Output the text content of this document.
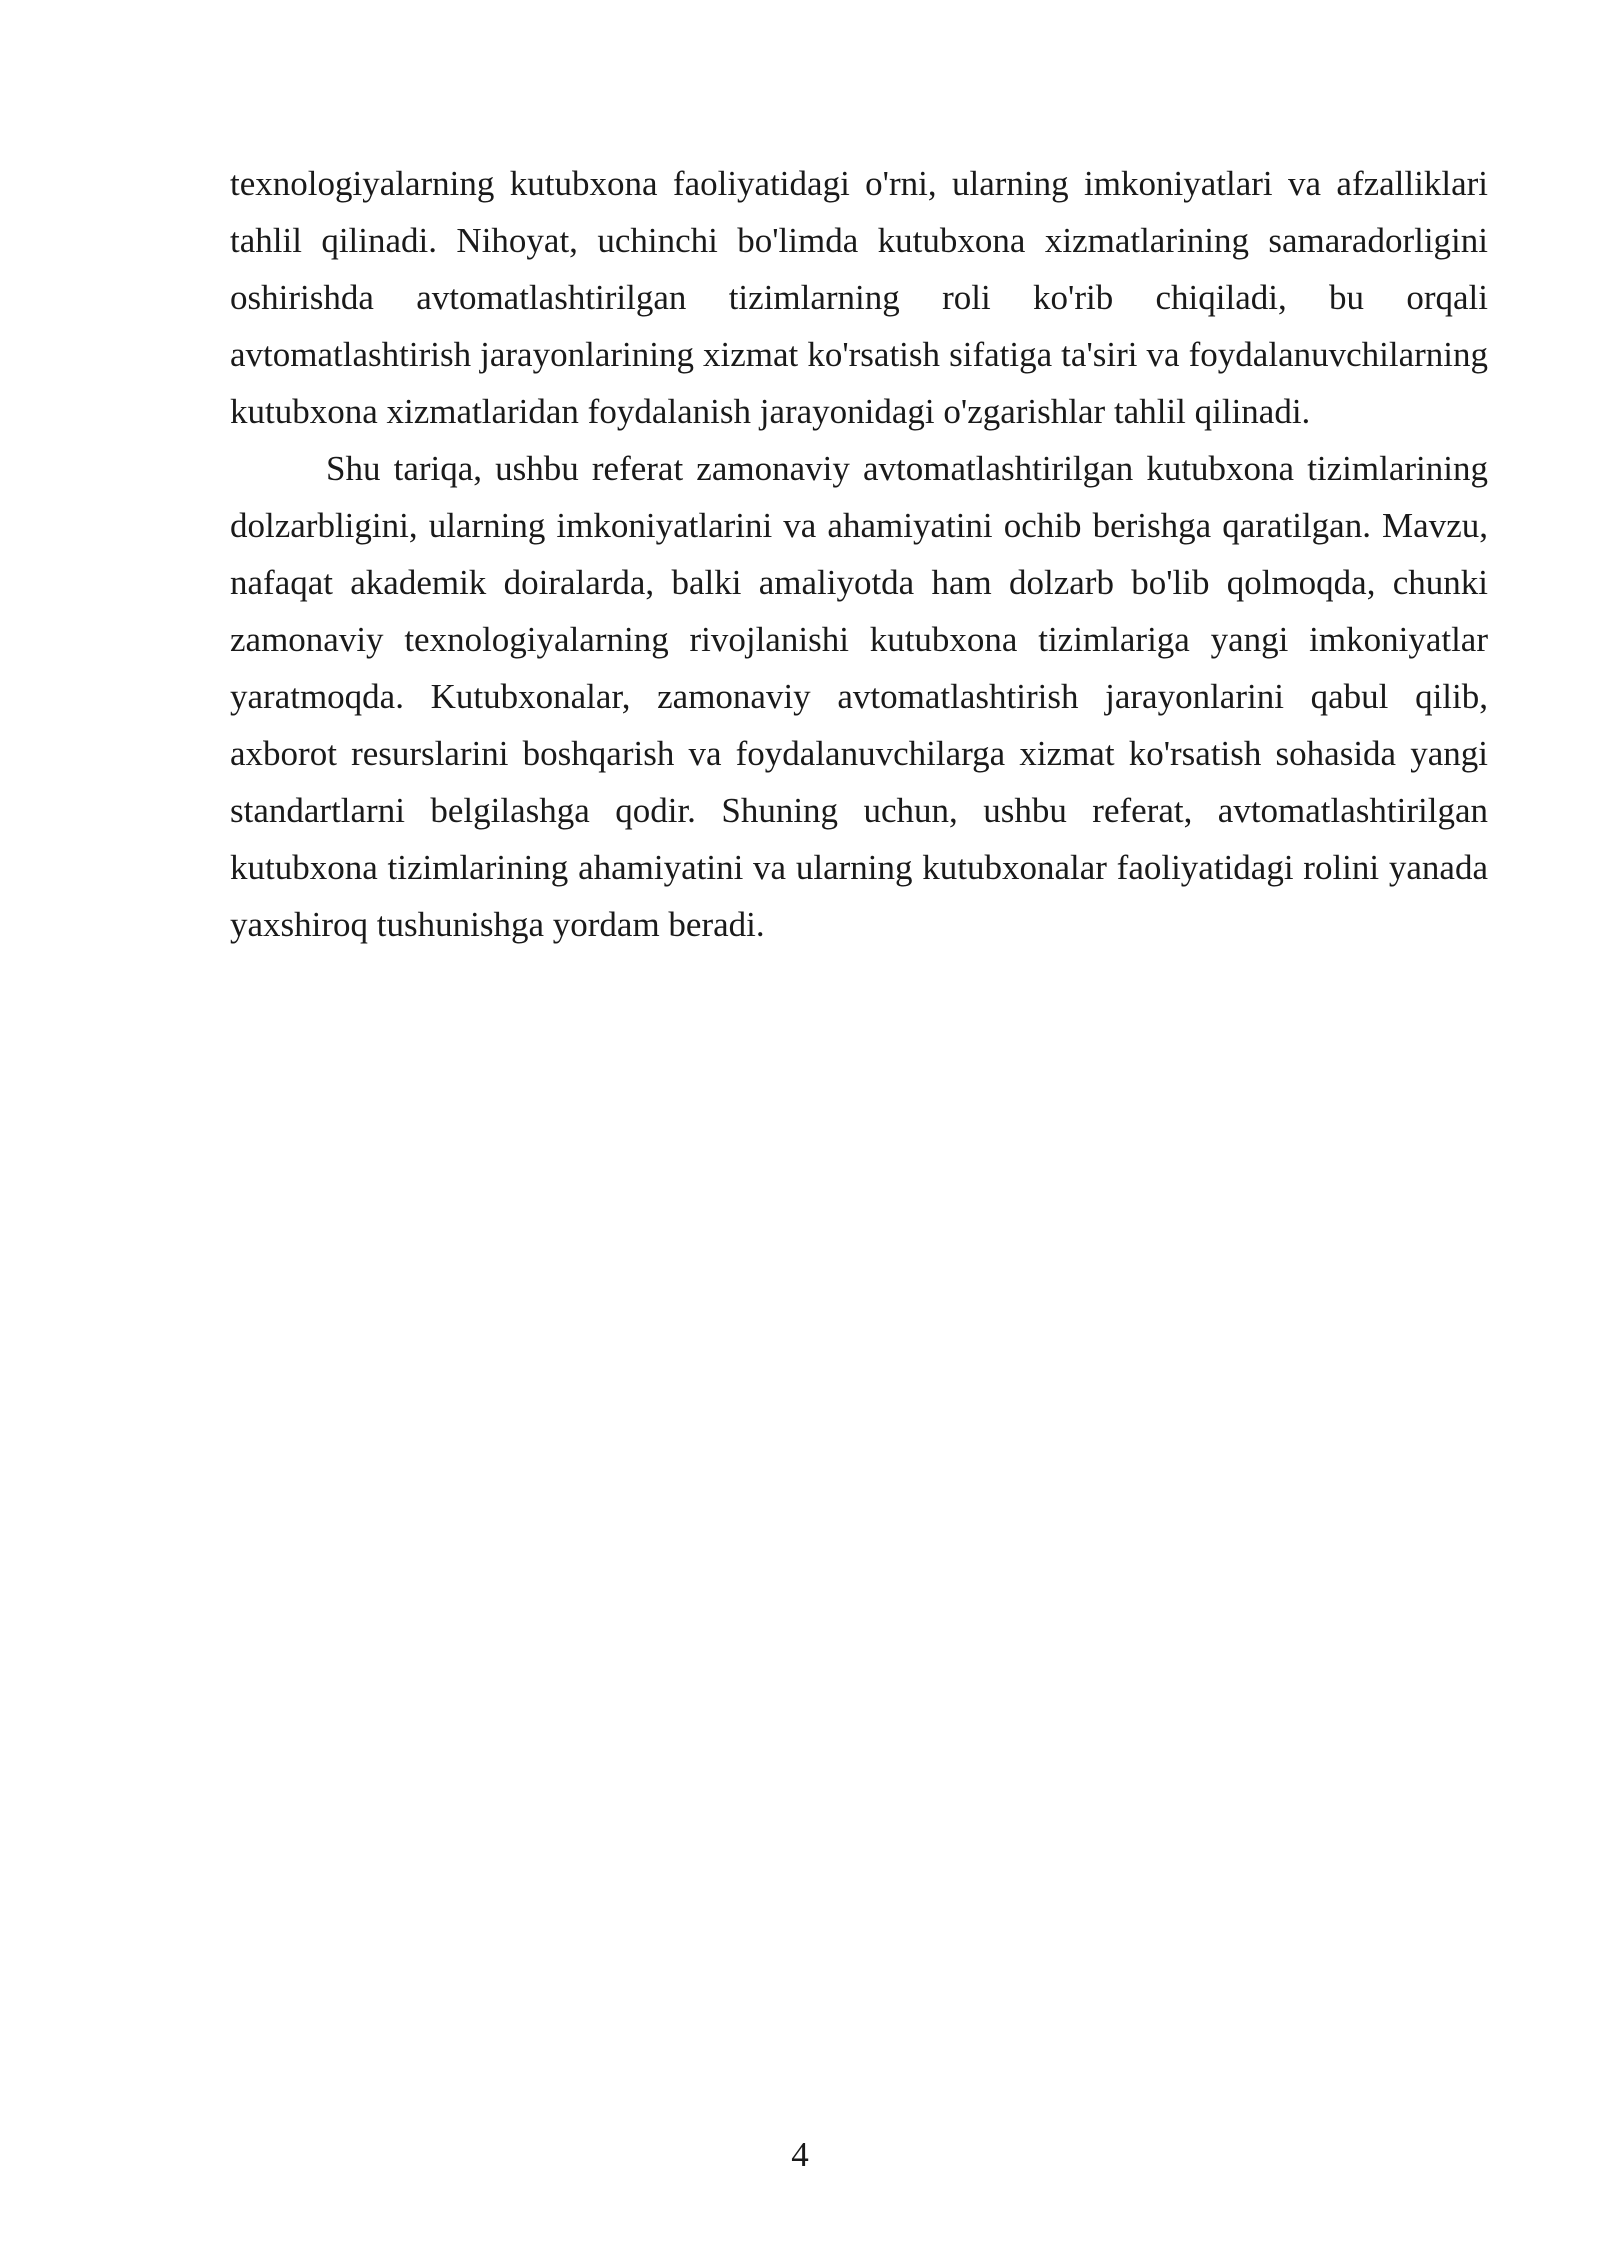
texnologiyalarning kutubxona faoliyatidagi o'rni, ularning imkoniyatlari va afzalliklari tahlil qilinadi. Nihoyat, uchinchi bo'limda kutubxona xizmatlarining samaradorligini oshirishda avtomatlashtirilgan tizimlarning roli ko'rib chiqiladi, bu orqali avtomatlashtirish jarayonlarining xizmat ko'rsatish sifatiga ta'siri va foydalanuvchilarning kutubxona xizmatlaridan foydalanish jarayonidagi o'zgarishlar tahlil qilinadi.

Shu tariqa, ushbu referat zamonaviy avtomatlashtirilgan kutubxona tizimlarining dolzarbligini, ularning imkoniyatlarini va ahamiyatini ochib berishga qaratilgan. Mavzu, nafaqat akademik doiralarda, balki amaliyotda ham dolzarb bo'lib qolmoqda, chunki zamonaviy texnologiyalarning rivojlanishi kutubxona tizimlariga yangi imkoniyatlar yaratmoqda. Kutubxonalar, zamonaviy avtomatlashtirish jarayonlarini qabul qilib, axborot resurslarini boshqarish va foydalanuvchilarga xizmat ko'rsatish sohasida yangi standartlarni belgilashga qodir. Shuning uchun, ushbu referat, avtomatlashtirilgan kutubxona tizimlarining ahamiyatini va ularning kutubxonalar faoliyatidagi rolini yanada yaxshiroq tushunishga yordam beradi.

4
